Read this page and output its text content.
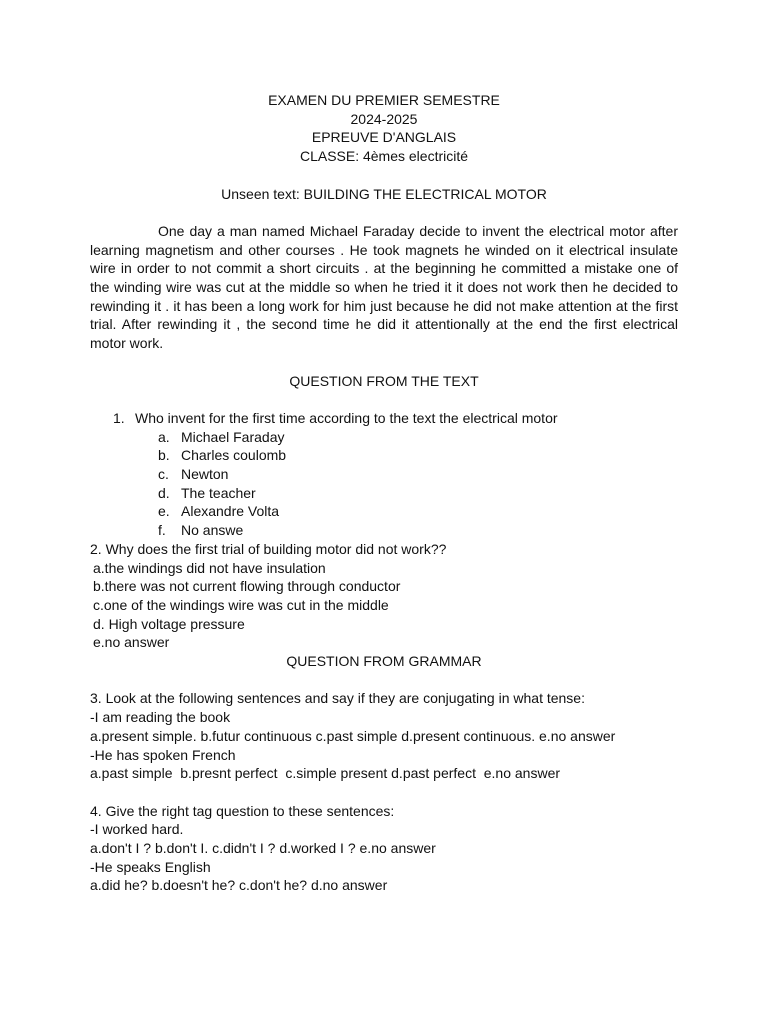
EXAMEN DU PREMIER SEMESTRE
2024-2025
EPREUVE D'ANGLAIS
CLASSE: 4èmes electricité
Unseen text: BUILDING THE ELECTRICAL MOTOR

One day a man named Michael Faraday decide to invent the electrical motor after learning magnetism and other courses . He took magnets he winded on it electrical insulate wire in order to not commit a short circuits . at the beginning he committed a mistake one of the winding wire was cut at the middle so when he tried it it does not work then he decided to rewinding it . it has been a long work for him just because he did not make attention at the first trial. After rewinding it , the second time he did it attentionally at the end the first electrical motor work.

QUESTION FROM THE TEXT
1. Who invent for the first time according to the text the electrical motor
a. Michael Faraday
b. Charles coulomb
c. Newton
d. The teacher
e. Alexandre Volta
f. No answe
2. Why does the first trial of building motor did not work??
a.the windings did not have insulation
b.there was not current flowing through conductor
c.one of the windings wire was cut in the middle
d. High voltage pressure
e.no answer
QUESTION FROM GRAMMAR
3. Look at the following sentences and say if they are conjugating in what tense:
-I am reading the book
a.present simple. b.futur continuous c.past simple d.present continuous. e.no answer
-He has spoken French
a.past simple  b.presnt perfect  c.simple present d.past perfect  e.no answer
4. Give the right tag question to these sentences:
-I worked hard.
a.don't I ? b.don't I. c.didn't I ? d.worked I ? e.no answer
-He speaks English
a.did he? b.doesn't he? c.don't he? d.no answer
